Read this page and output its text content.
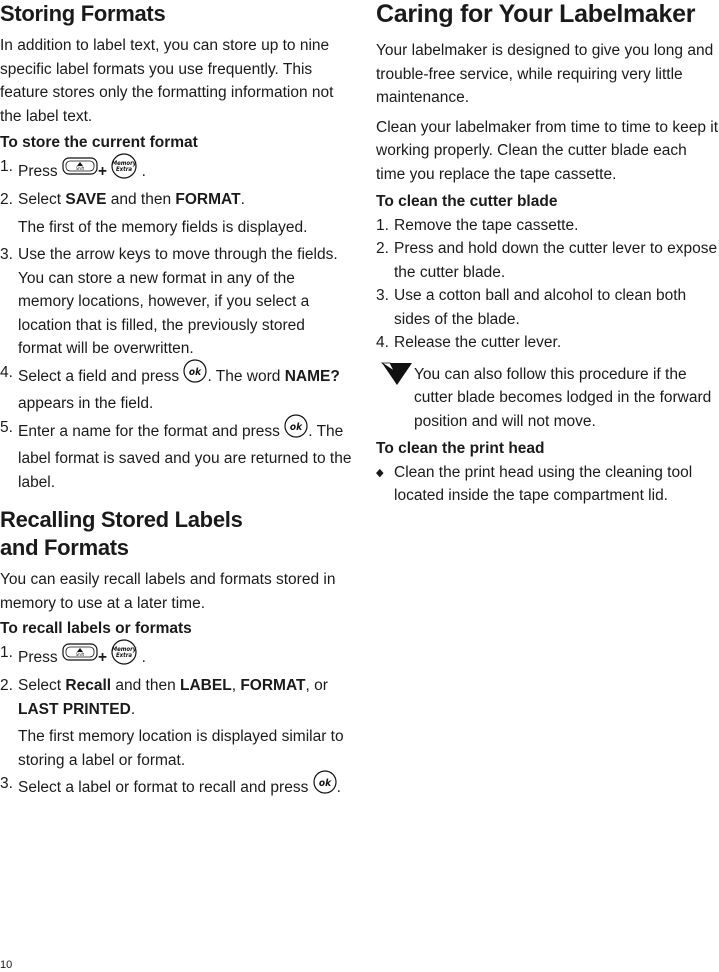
Storing Formats

In addition to label text, you can store up to nine specific label formats you use frequently. This feature stores only the formatting information not the label text.

To store the current format

1. Press	Shift + Memory
Extra .
2. Select SAVE and then FORMAT.
The first of the memory fields is displayed.
3. Use the arrow keys to move through the fields. You can store a new format in any of the memory locations, however, if you select a location that is filled, the previously stored format will be overwritten.
4. Select a field and press ok . The word NAME? appears in the field.
5. Enter a name for the format and press ok . The label format is saved and you are returned to the label.
Recalling Stored Labels
and Formats

You can easily recall labels and formats stored in memory to use at a later time.

To recall labels or formats

1. Press	Shift + Memory
Extra .
2. Select Recall and then LABEL, FORMAT, or LAST PRINTED.
The first memory location is displayed similar to storing a label or format.
3. Select a label or format to recall and press ok .
Caring for Your Labelmaker

Your labelmaker is designed to give you long and trouble-free service, while requiring very little maintenance.

Clean your labelmaker from time to time to keep it working properly. Clean the cutter blade each time you replace the tape cassette.

To clean the cutter blade

1. Remove the tape cassette.
2. Press and hold down the cutter lever to expose the cutter blade.
3. Use a cotton ball and alcohol to clean both sides of the blade.
4. Release the cutter lever.

You can also follow this procedure if the cutter blade becomes lodged in the forward position and will not move.

To clean the print head

◆ Clean the print head using the cleaning tool located inside the tape compartment lid.
10
